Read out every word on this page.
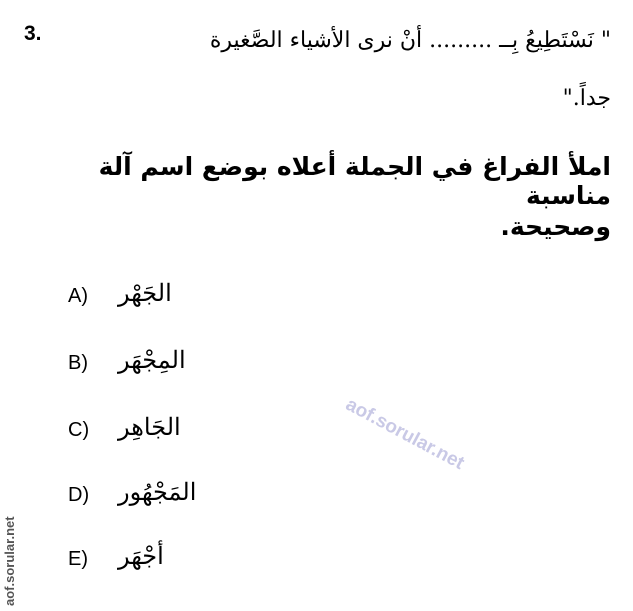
3.	" نَسْتَطِيعُ بِــ ......... أنْ نرى الأشياء الصَّغيرة
جداً."
املأ الفراغ في الجملة أعلاه بوضع اسم آلة مناسبة
وصحيحة.
A) الجَهْر
B) المِجْهَر
C) الجَاهِر
D) المَجْهُور
E) أجْهَر
aof.sorular.net
aof.sorular.net
